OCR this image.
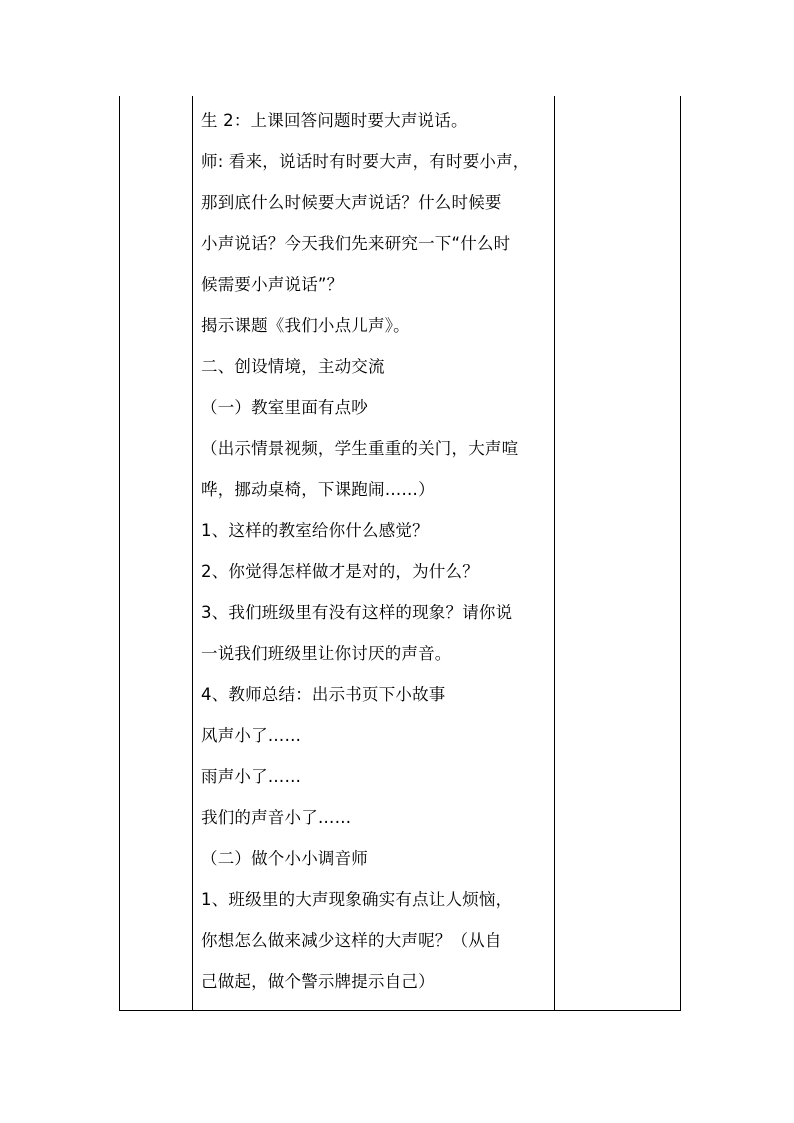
生 2：上课回答问题时要大声说话。
师: 看来，说话时有时要大声，有时要小声，
那到底什么时候要大声说话？什么时候要
小声说话？今天我们先来研究一下“什么时
候需要小声说话”？
揭示课题《我们小点儿声》。
二、创设情境，主动交流
（一）教室里面有点吵
（出示情景视频，学生重重的关门，大声喧
哗，挪动桌椅，下课跑闹……）
1、这样的教室给你什么感觉？
2、你觉得怎样做才是对的，为什么？
3、我们班级里有没有这样的现象？请你说
一说我们班级里让你讨厌的声音。
4、教师总结：出示书页下小故事
风声小了……
雨声小了……
我们的声音小了……
（二）做个小小调音师
1、班级里的大声现象确实有点让人烦恼，
你想怎么做来减少这样的大声呢？（从自
己做起，做个警示牌提示自己）
